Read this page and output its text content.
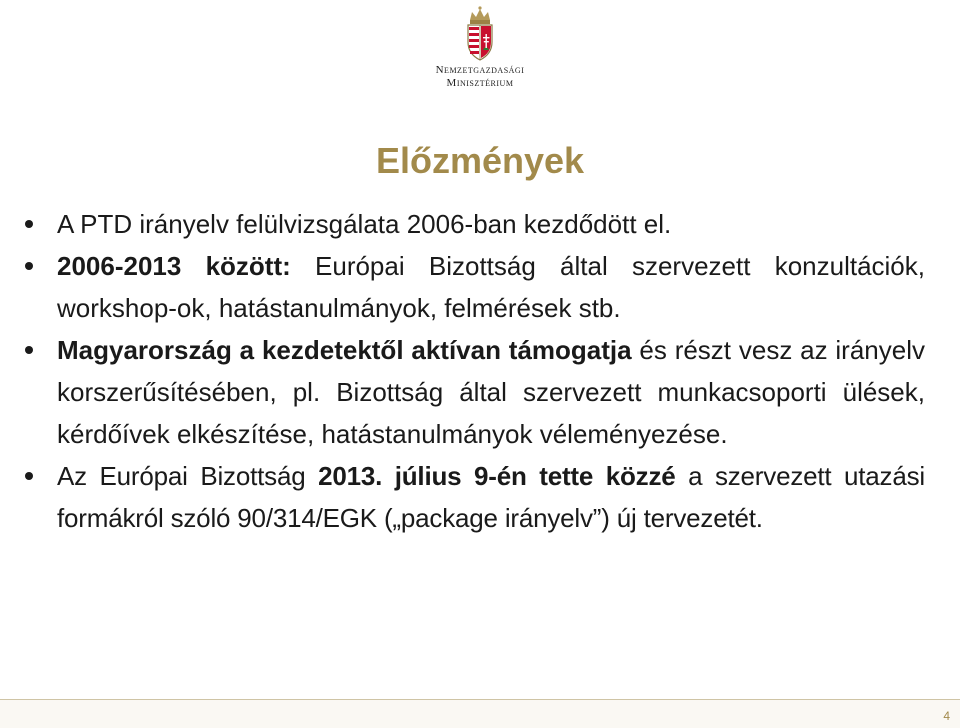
Nemzetgazdasági
Minisztérium
Előzmények
A PTD irányelv felülvizsgálata 2006-ban kezdődött el.
2006-2013 között: Európai Bizottság által szervezett konzultációk, workshop-ok, hatástanulmányok, felmérések stb.
Magyarország a kezdetektől aktívan támogatja és részt vesz az irányelv korszerűsítésében, pl. Bizottság által szervezett munkacsoporti ülések, kérdőívek elkészítése, hatástanulmányok véleményezése.
Az Európai Bizottság 2013. július 9-én tette közzé a szervezett utazási formákról szóló 90/314/EGK („package irányelv”) új tervezetét.
4
